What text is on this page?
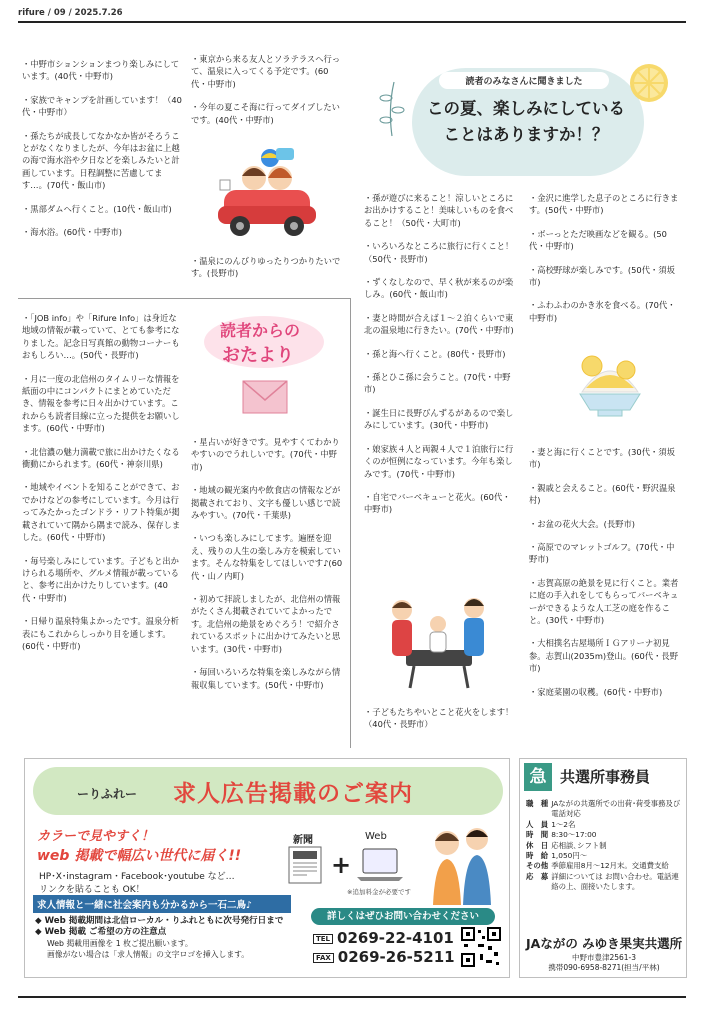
rifure / 09 / 2025.7.26

・中野市ションションまつり楽しみにしています。(40代・中野市)

・家族でキャンプを計画しています！（40代・中野市）

・孫たちが成長してなかなか皆がそろうことがなくなりましたが、今年はお盆に上越の海で海水浴や夕日などを楽しみたいと計画しています。日程調整に苦慮してます…。(70代・飯山市)

・黒部ダムへ行くこと。(10代・飯山市)

・海水浴。(60代・中野市)

・東京から来る友人とソラテラスへ行って、温泉に入ってくる予定です。(60代・中野市)

・今年の夏こそ海に行ってダイブしたいです。(40代・中野市)

・温泉にのんびりゆったりつかりたいです。(長野市)

読者のみなさんに聞きました
この夏、楽しみにしている
ことはありますか！？

・孫が遊びに来ること！涼しいところにお出かけすること！美味しいものを食べること！（50代・大町市)

・いろいろなところに旅行に行くこと！（50代・長野市)

・ずくなしなので、早く秋が来るのが楽しみ。(60代・飯山市)

・妻と時間が合えば１～２泊くらいで東北の温泉地に行きたい。(70代・中野市)

・孫と海へ行くこと。(80代・長野市)

・孫とひこ孫に会うこと。(70代・中野市)

・誕生日に長野びんずるがあるので楽しみにしています。(30代・中野市)

・娘家族４人と両親４人で１泊旅行に行くのが恒例になっています。今年も楽しみです。(70代・中野市)

・自宅でバーベキューと花火。(60代・中野市)

・子どもたちやいとこと花火をします！（40代・長野市）

・金沢に進学した息子のところに行きます。(50代・中野市)

・ボーっとただ映画などを観る。(50代・中野市)

・高校野球が楽しみです。(50代・須坂市)

・ふわふわのかき氷を食べる。(70代・中野市)

・妻と海に行くことです。(30代・須坂市)

・親戚と会えること。(60代・野沢温泉村)

・お盆の花火大会。(長野市)

・高原でのマレットゴルフ。(70代・中野市)

・志賀高原の絶景を見に行くこと。業者に庭の手入れをしてもらってバーベキューができるような人工芝の庭を作ること。(30代・中野市)

・大相撲名古屋場所ＩＧアリーナ初見参。志賀山(2035m)登山。(60代・長野市)

・家庭菜園の収穫。(60代・中野市)

・「JOB info」や「Rifure Info」は身近な地域の情報が載っていて、とても参考になりました。記念日写真館の動物コーナーもおもしろい…。(50代・長野市)

・月に一度の北信州のタイムリーな情報を紙面の中にコンパクトにまとめていただき、情報を参考に日々出かけています。これからも読者目線に立った提供をお願いします。(60代・中野市)

・北信濃の魅力満載で旅に出かけたくなる衝動にかられます。(60代・神奈川県)

・地域やイベントを知ることができて、おでかけなどの参考にしています。今月は行ってみたかったゴンドラ・リフト特集が掲載されていて隅から隅まで読み、保存しました。(60代・中野市)

・毎号楽しみにしています。子どもと出かけられる場所や、グルメ情報が載っていると、参考に出かけたりしています。(40代・中野市)

・日帰り温泉特集よかったです。温泉分析表にもこれからしっかり目を通します。(60代・中野市)

読者からの
おたより

・星占いが好きです。見やすくてわかりやすいのでうれしいです。(70代・中野市)

・地域の観光案内や飲食店の情報などが掲載されており、文字も優しい感じで読みやすい。(70代・千葉県)

・いつも楽しみにしてます。遍歴を迎え、残りの人生の楽しみ方を模索しています。そんな特集をしてほしいです♪(60代・山ノ内町)

・初めて拝読しましたが、北信州の情報がたくさん掲載されていてよかったです。北信州の絶景をめぐろう！で紹介されているスポットに出かけてみたいと思います。(30代・中野市)

・毎回いろいろな特集を楽しみながら情報収集しています。(50代・中野市)

ーりふれー 求人広告掲載のご案内
カラーで見やすく！
web 掲載で幅広い世代に届く!!
HP･X･instagram・Facebook･youtube など…
リンクを貼ることも OK！
求人情報と一緒に社会案内も分かるから一石二鳥♪
◆ Web 掲載期間は北信ローカル・りふれともに次号発行日まで
◆ Web 掲載 ご希望の方の注意点
Web 掲載用画像を 1 枚ご提出願います。
画像がない場合は「求人情報」の文字ロゴを挿入します。
新聞	Web
+
※追加料金が必要です
詳しくはぜひお問い合わせください
TEL 0269-22-4101
FAX 0269-26-5211
急 共選所事務員
職　種	JAながの共選所での出荷･荷受事務及び電話対応
人　員	1～2名
時　間	8:30～17:00
休　日	応相談､シフト制
時　給	1,050円～
その他	季節雇用8月～12月末。交通費支給
応　募	詳細については お問い合わせ。電話連絡の上、面接いたします。
JAながの みゆき果実共選所
中野市豊津2561-3
携帯090-6958-8271(担当/平林)
